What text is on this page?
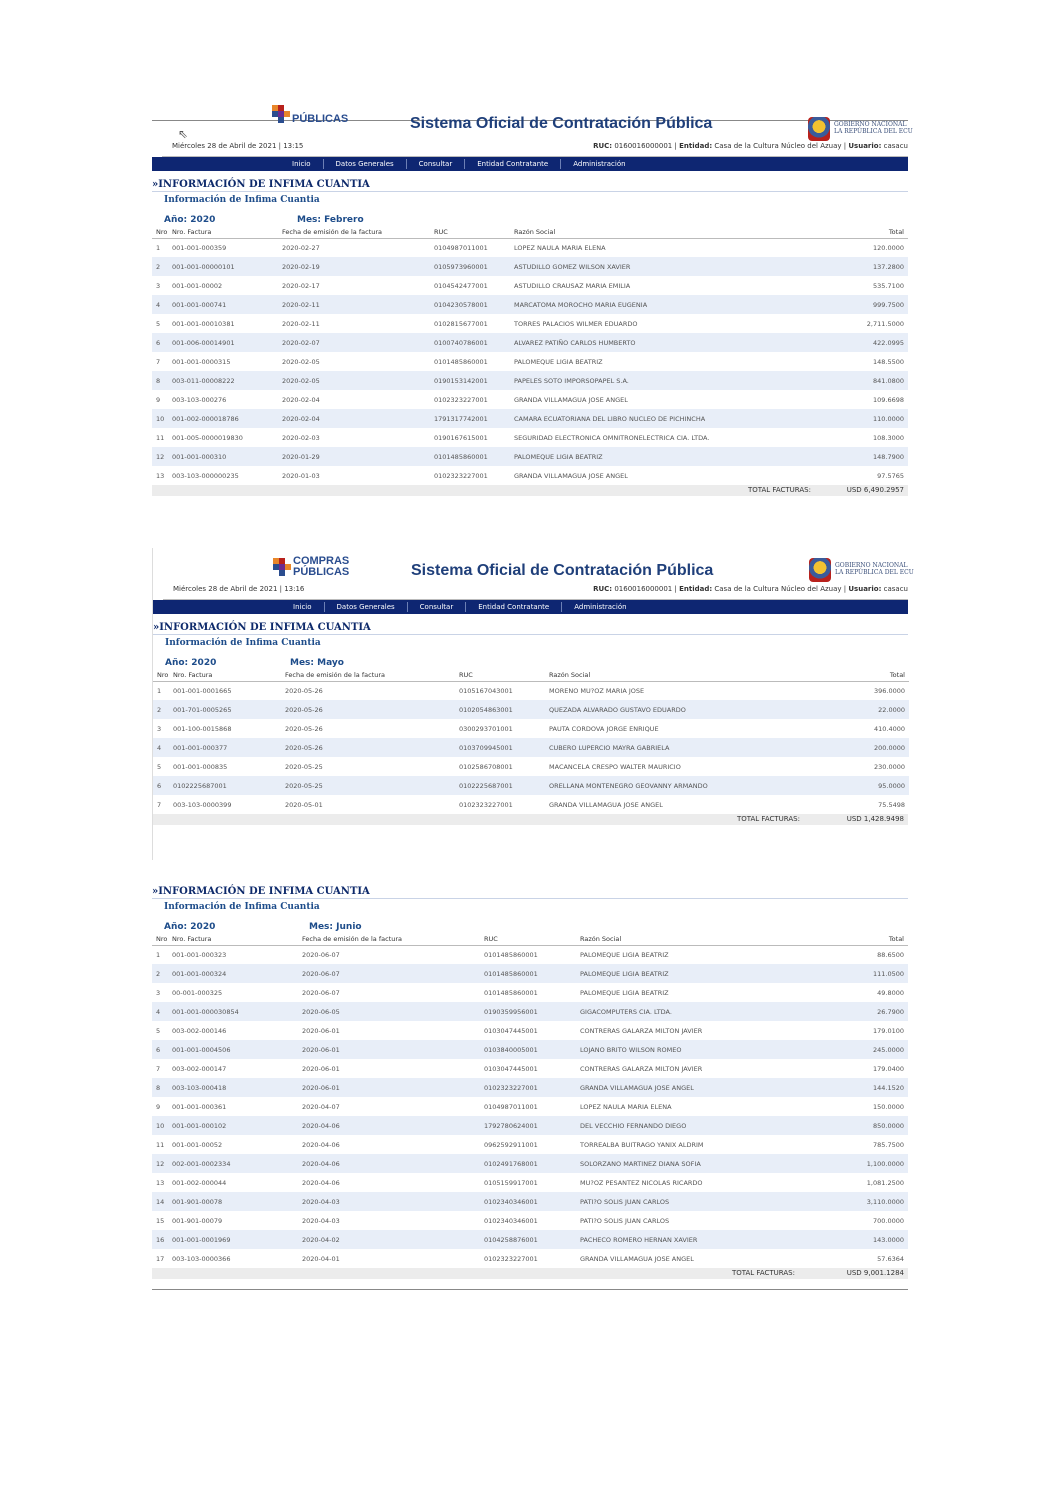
PÚBLICAS	Sistema Oficial de Contratación Pública	GOBIERNO NACIONAL
LA REPÚBLICA DEL ECU
⇖
Miércoles 28 de Abril de 2021 | 13:15	RUC: 0160016000001 | Entidad: Casa de la Cultura Núcleo del Azuay | Usuario: casacu
Inicio	Datos Generales	Consultar	Entidad Contratante	Administración
»INFORMACIÓN DE INFIMA CUANTIA
Información de Infima Cuantia
Año: 2020	Mes: Febrero
Nro	Nro. Factura	Fecha de emisión de la factura	RUC	Razón Social	Total
1	001-001-000359	2020-02-27	0104987011001	LOPEZ NAULA MARIA ELENA	120.0000
2	001-001-00000101	2020-02-19	0105973960001	ASTUDILLO GOMEZ WILSON XAVIER	137.2800
3	001-001-00002	2020-02-17	0104542477001	ASTUDILLO CRAUSAZ MARIA EMILIA	535.7100
4	001-001-000741	2020-02-11	0104230578001	MARCATOMA MOROCHO MARIA EUGENIA	999.7500
5	001-001-00010381	2020-02-11	0102815677001	TORRES PALACIOS WILMER EDUARDO	2,711.5000
6	001-006-00014901	2020-02-07	0100740786001	ALVAREZ PATIÑO CARLOS HUMBERTO	422.0995
7	001-001-0000315	2020-02-05	0101485860001	PALOMEQUE LIGIA BEATRIZ	148.5500
8	003-011-00008222	2020-02-05	0190153142001	PAPELES SOTO IMPORSOPAPEL S.A.	841.0800
9	003-103-000276	2020-02-04	0102323227001	GRANDA VILLAMAGUA JOSE ANGEL	109.6698
10	001-002-000018786	2020-02-04	1791317742001	CAMARA ECUATORIANA DEL LIBRO NUCLEO DE PICHINCHA	110.0000
11	001-005-0000019830	2020-02-03	0190167615001	SEGURIDAD ELECTRONICA OMNITRONELECTRICA CIA. LTDA.	108.3000
12	001-001-000310	2020-01-29	0101485860001	PALOMEQUE LIGIA BEATRIZ	148.7900
13	003-103-000000235	2020-01-03	0102323227001	GRANDA VILLAMAGUA JOSE ANGEL	97.5765
TOTAL FACTURAS:	USD 6,490.2957
COMPRAS
PÚBLICAS	Sistema Oficial de Contratación Pública	GOBIERNO NACIONAL
LA REPÚBLICA DEL ECU
Miércoles 28 de Abril de 2021 | 13:16	RUC: 0160016000001 | Entidad: Casa de la Cultura Núcleo del Azuay | Usuario: casacu
Inicio	Datos Generales	Consultar	Entidad Contratante	Administración
»INFORMACIÓN DE INFIMA CUANTIA
Información de Infima Cuantia
Año: 2020	Mes: Mayo
Nro	Nro. Factura	Fecha de emisión de la factura	RUC	Razón Social	Total
1	001-001-0001665	2020-05-26	0105167043001	MORENO MU?OZ MARIA JOSE	396.0000
2	001-701-0005265	2020-05-26	0102054863001	QUEZADA ALVARADO GUSTAVO EDUARDO	22.0000
3	001-100-0015868	2020-05-26	0300293701001	PAUTA CORDOVA JORGE ENRIQUE	410.4000
4	001-001-000377	2020-05-26	0103709945001	CUBERO LUPERCIO MAYRA GABRIELA	200.0000
5	001-001-000835	2020-05-25	0102586708001	MACANCELA CRESPO WALTER MAURICIO	230.0000
6	0102225687001	2020-05-25	0102225687001	ORELLANA MONTENEGRO GEOVANNY ARMANDO	95.0000
7	003-103-0000399	2020-05-01	0102323227001	GRANDA VILLAMAGUA JOSE ANGEL	75.5498
TOTAL FACTURAS:	USD 1,428.9498
»INFORMACIÓN DE INFIMA CUANTIA
Información de Infima Cuantia
Año: 2020	Mes: Junio
Nro	Nro. Factura	Fecha de emisión de la factura	RUC	Razón Social	Total
1	001-001-000323	2020-06-07	0101485860001	PALOMEQUE LIGIA BEATRIZ	88.6500
2	001-001-000324	2020-06-07	0101485860001	PALOMEQUE LIGIA BEATRIZ	111.0500
3	00-001-000325	2020-06-07	0101485860001	PALOMEQUE LIGIA BEATRIZ	49.8000
4	001-001-000030854	2020-06-05	0190359956001	GIGACOMPUTERS CIA. LTDA.	26.7900
5	003-002-000146	2020-06-01	0103047445001	CONTRERAS GALARZA MILTON JAVIER	179.0100
6	001-001-0004506	2020-06-01	0103840005001	LOJANO BRITO WILSON ROMEO	245.0000
7	003-002-000147	2020-06-01	0103047445001	CONTRERAS GALARZA MILTON JAVIER	179.0400
8	003-103-000418	2020-06-01	0102323227001	GRANDA VILLAMAGUA JOSE ANGEL	144.1520
9	001-001-000361	2020-04-07	0104987011001	LOPEZ NAULA MARIA ELENA	150.0000
10	001-001-000102	2020-04-06	1792780624001	DEL VECCHIO FERNANDO DIEGO	850.0000
11	001-001-00052	2020-04-06	0962592911001	TORREALBA BUITRAGO YANIX ALDRIM	785.7500
12	002-001-0002334	2020-04-06	0102491768001	SOLORZANO MARTINEZ DIANA SOFIA	1,100.0000
13	001-002-000044	2020-04-06	0105159917001	MU?OZ PESANTEZ NICOLAS RICARDO	1,081.2500
14	001-901-00078	2020-04-03	0102340346001	PATI?O SOLIS JUAN CARLOS	3,110.0000
15	001-901-00079	2020-04-03	0102340346001	PATI?O SOLIS JUAN CARLOS	700.0000
16	001-001-0001969	2020-04-02	0104258876001	PACHECO ROMERO HERNAN XAVIER	143.0000
17	003-103-0000366	2020-04-01	0102323227001	GRANDA VILLAMAGUA JOSE ANGEL	57.6364
TOTAL FACTURAS:	USD 9,001.1284
